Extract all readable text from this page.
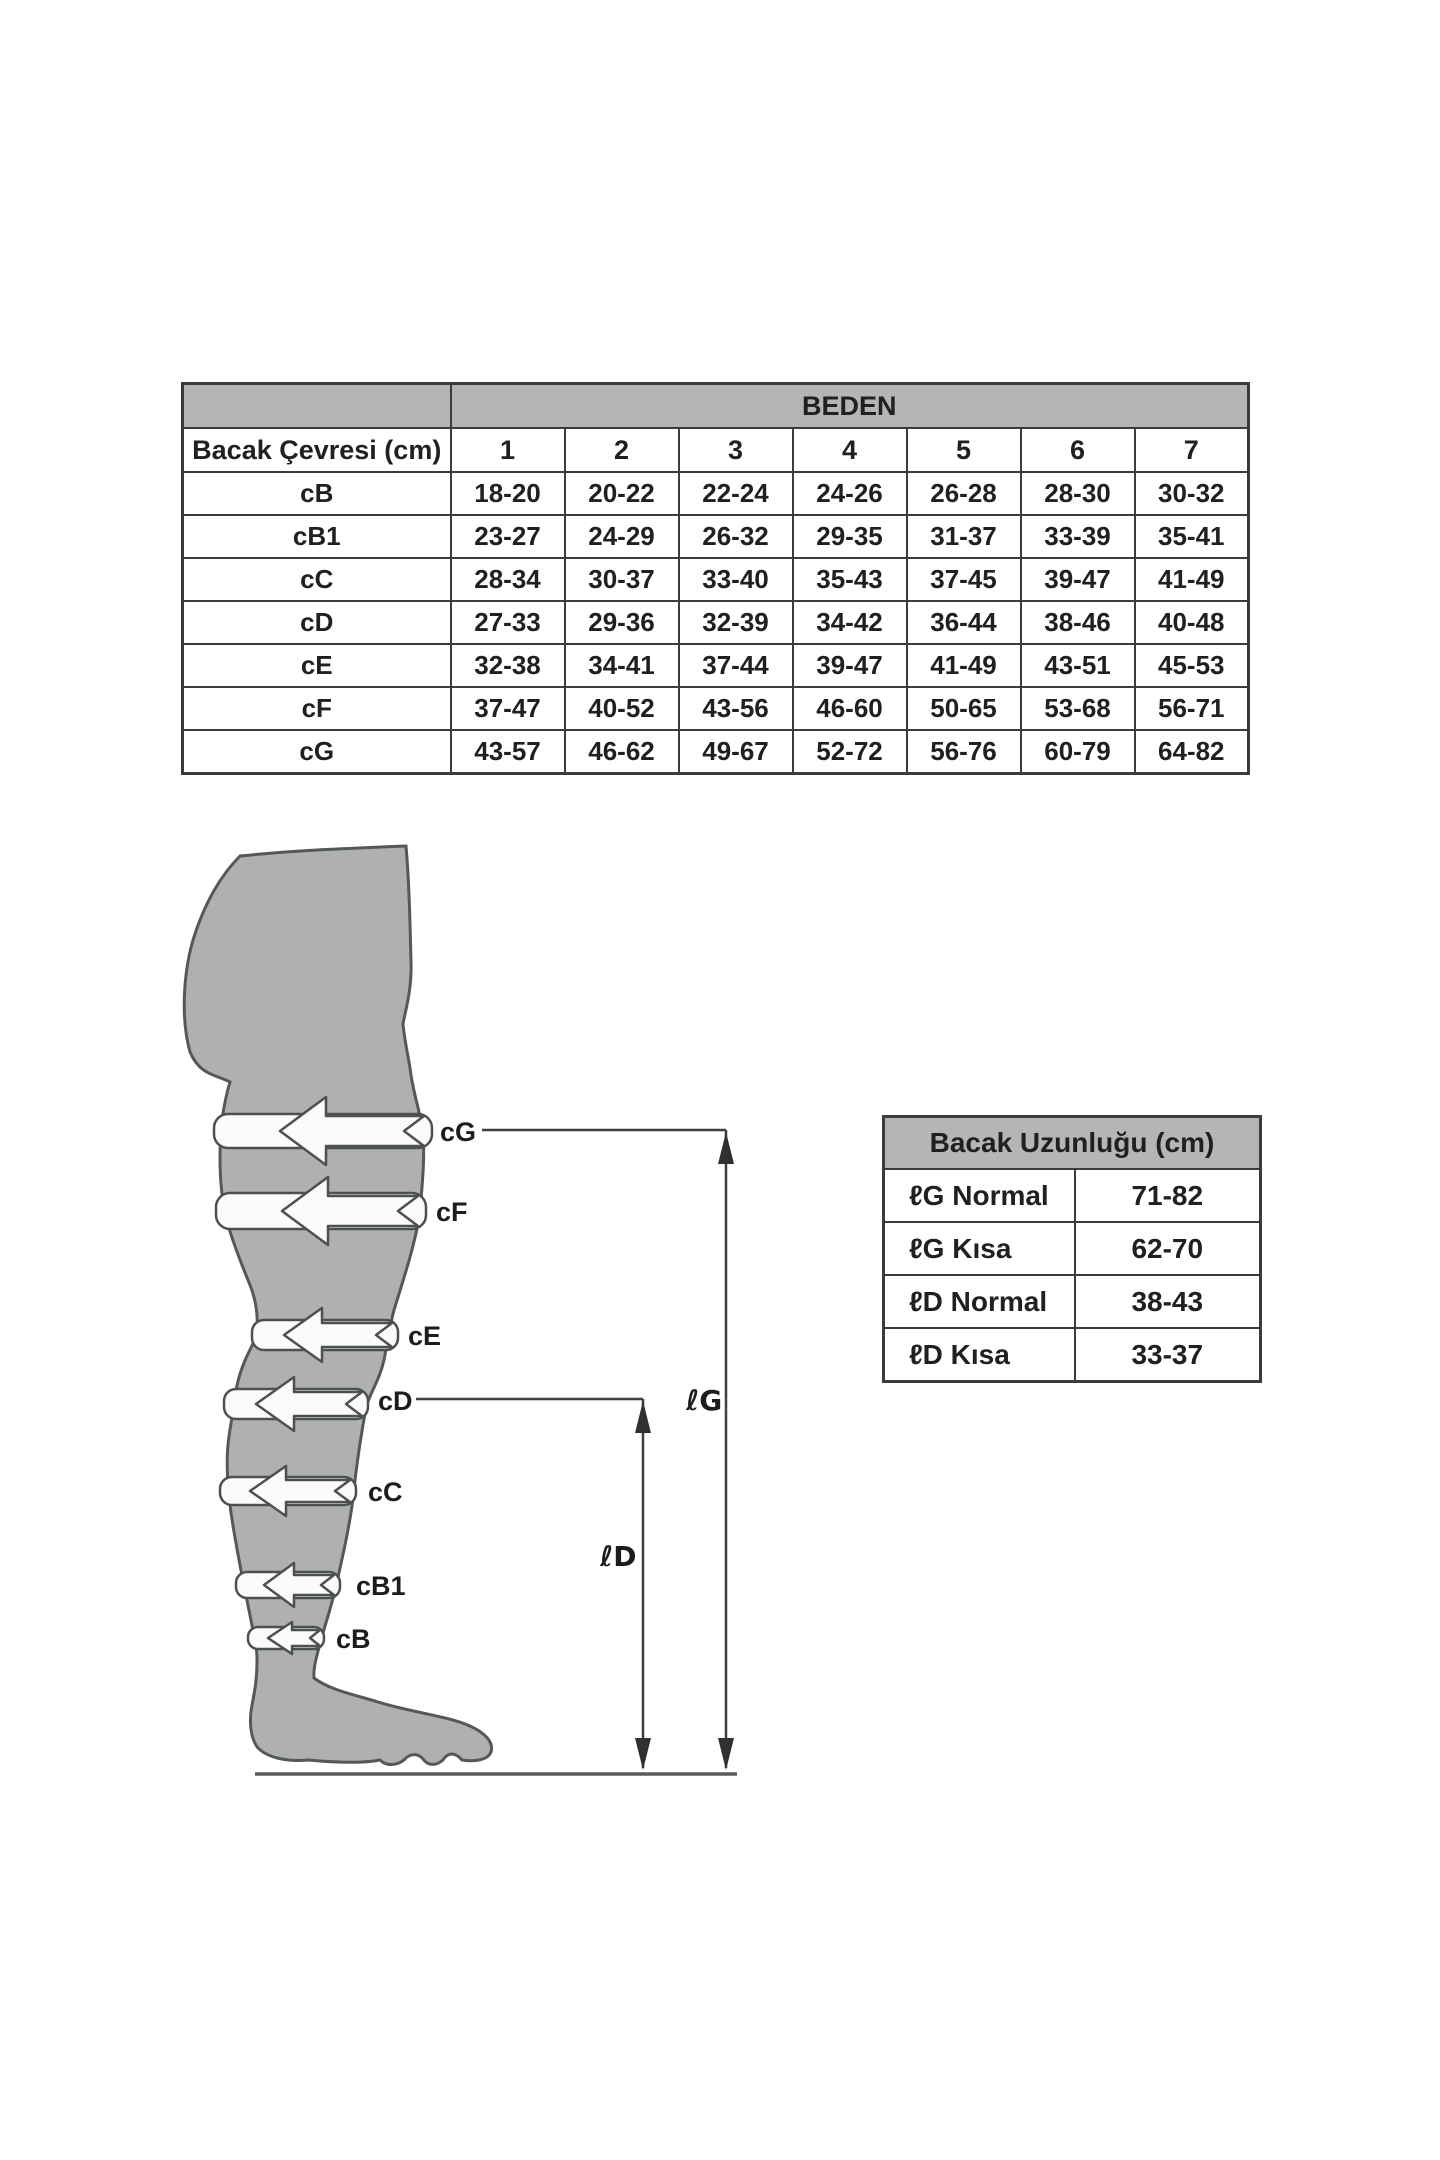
	BEDEN						
Bacak Çevresi (cm)	1	2	3	4	5	6	7
cB	18-20	20-22	22-24	24-26	26-28	28-30	30-32
cB1	23-27	24-29	26-32	29-35	31-37	33-39	35-41
cC	28-34	30-37	33-40	35-43	37-45	39-47	41-49
cD	27-33	29-36	32-39	34-42	36-44	38-46	40-48
cE	32-38	34-41	37-44	39-47	41-49	43-51	45-53
cF	37-47	40-52	43-56	46-60	50-65	53-68	56-71
cG	43-57	46-62	49-67	52-72	56-76	60-79	64-82
Bacak Uzunluğu (cm)	
ℓG Normal	71-82
ℓG Kısa	62-70
ℓD Normal	38-43
ℓD Kısa	33-37
cG
cF
cE
cD
cC
cB1
cB
ℓG
ℓD
